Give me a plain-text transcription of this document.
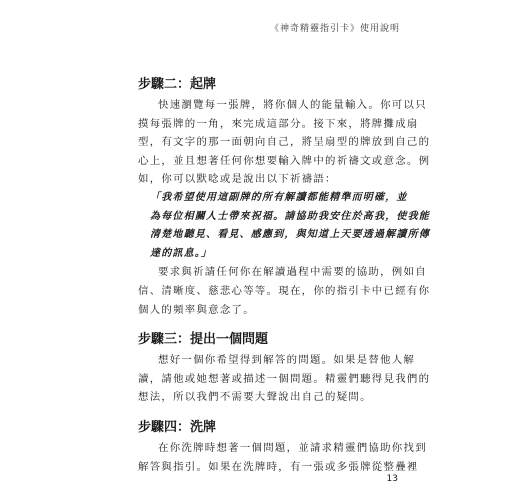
《神奇精靈指引卡》使用說明
步驟二：起牌
快速瀏覽每一張牌，將你個人的能量輸入。你可以只
摸每張牌的一角，來完成這部分。接下來，將牌攤成扇
型，有文字的那一面朝向自己，將呈扇型的牌放到自己的
心上，並且想著任何你想要輸入牌中的祈禱文或意念。例
如，你可以默唸或是說出以下祈禱語：
「我希望使用這副牌的所有解讀都能精準而明確，並
為每位相關人士帶來祝福。請協助我安住於高我，使我能
清楚地聽見、看見、感應到，與知道上天要透過解讀所傳
達的訊息。」
要求與祈請任何你在解讀過程中需要的協助，例如自
信、清晰度、慈悲心等等。現在，你的指引卡中已經有你
個人的頻率與意念了。
步驟三：提出一個問題
想好一個你希望得到解答的問題。如果是替他人解
讀，請他或她想著或描述一個問題。精靈們聽得見我們的
想法，所以我們不需要大聲說出自己的疑問。
步驟四：洗牌
在你洗牌時想著一個問題，並請求精靈們協助你找到
解答與指引。如果在洗牌時，有一張或多張牌從整疊裡
13
